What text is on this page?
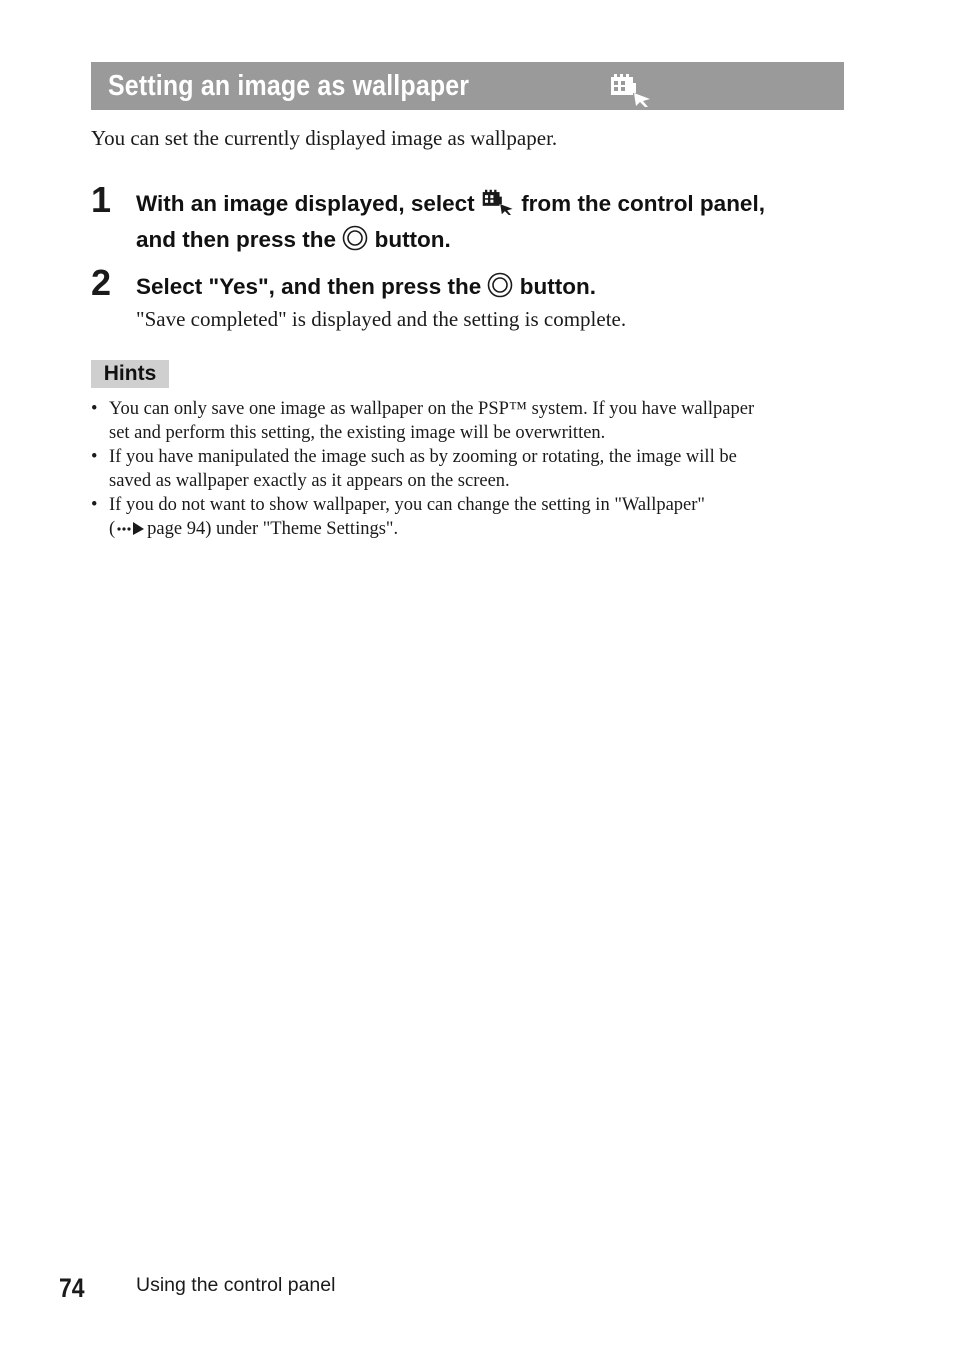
Setting an image as wallpaper
You can set the currently displayed image as wallpaper.
1 With an image displayed, select from the control panel,
and then press the button.
2 Select "Yes", and then press the button.
"Save completed" is displayed and the setting is complete.
Hints
• You can only save one image as wallpaper on the PSP™ system. If you have wallpaper
set and perform this setting, the existing image will be overwritten.
• If you have manipulated the image such as by zooming or rotating, the image will be
saved as wallpaper exactly as it appears on the screen.
• If you do not want to show wallpaper, you can change the setting in "Wallpaper"
( page 94) under "Theme Settings".
74	Using the control panel
